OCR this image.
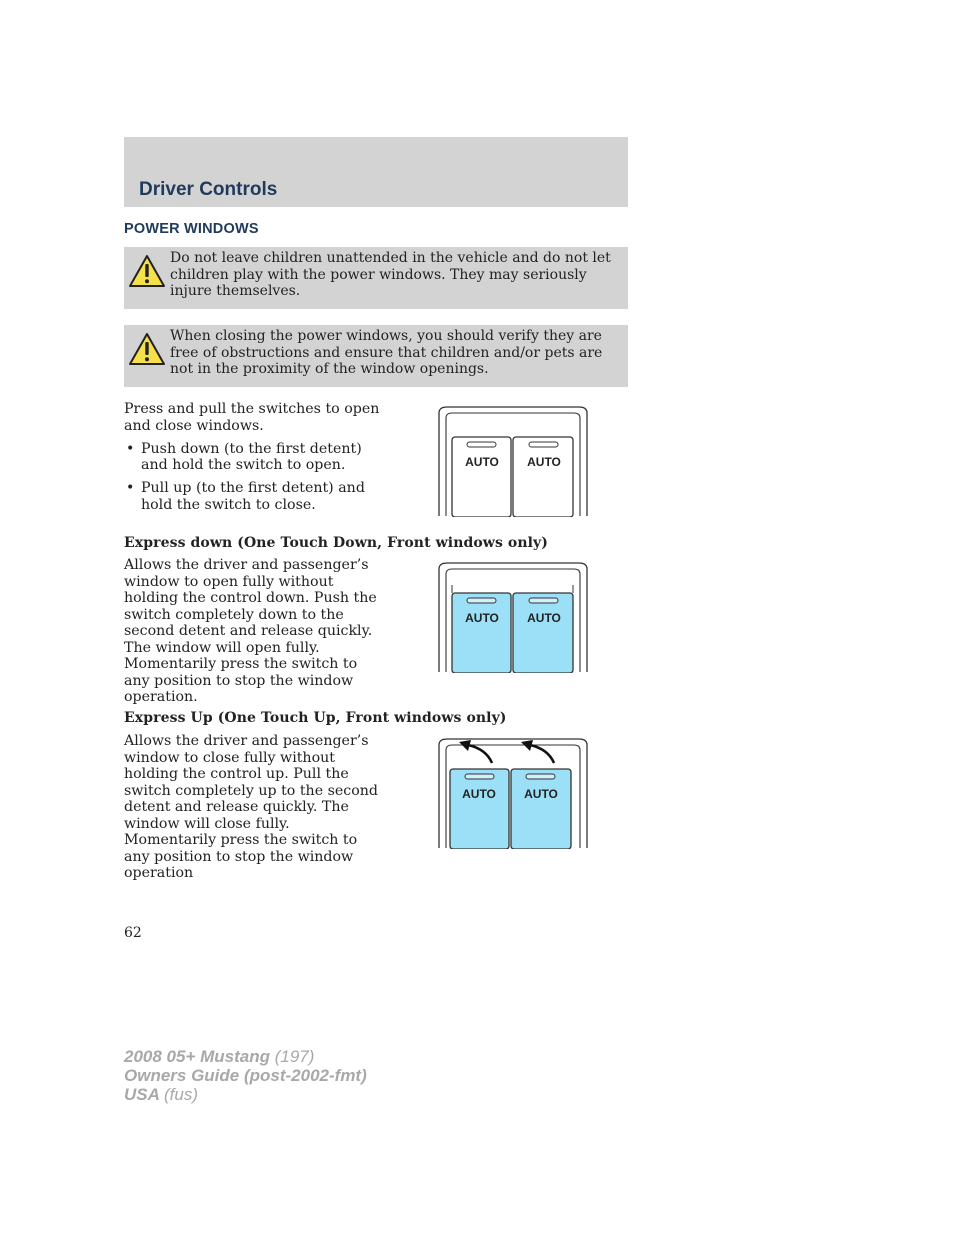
Driver Controls
POWER WINDOWS
Do not leave children unattended in the vehicle and do not let children play with the power windows. They may seriously injure themselves.
When closing the power windows, you should verify they are free of obstructions and ensure that children and/or pets are not in the proximity of the window openings.

Press and pull the switches to open and close windows.

• Push down (to the first detent) and hold the switch to open.
• Pull up (to the first detent) and hold the switch to close.
AUTO AUTO
Express down (One Touch Down, Front windows only)
Allows the driver and passenger’s window to open fully without holding the control down. Push the switch completely down to the second detent and release quickly. The window will open fully. Momentarily press the switch to any position to stop the window operation.
AUTO AUTO
Express Up (One Touch Up, Front windows only)
Allows the driver and passenger’s window to close fully without holding the control up. Pull the switch completely up to the second detent and release quickly. The window will close fully. Momentarily press the switch to any position to stop the window operation
AUTO AUTO
62
2008 05+ Mustang (197)
Owners Guide (post-2002-fmt)
USA (fus)
